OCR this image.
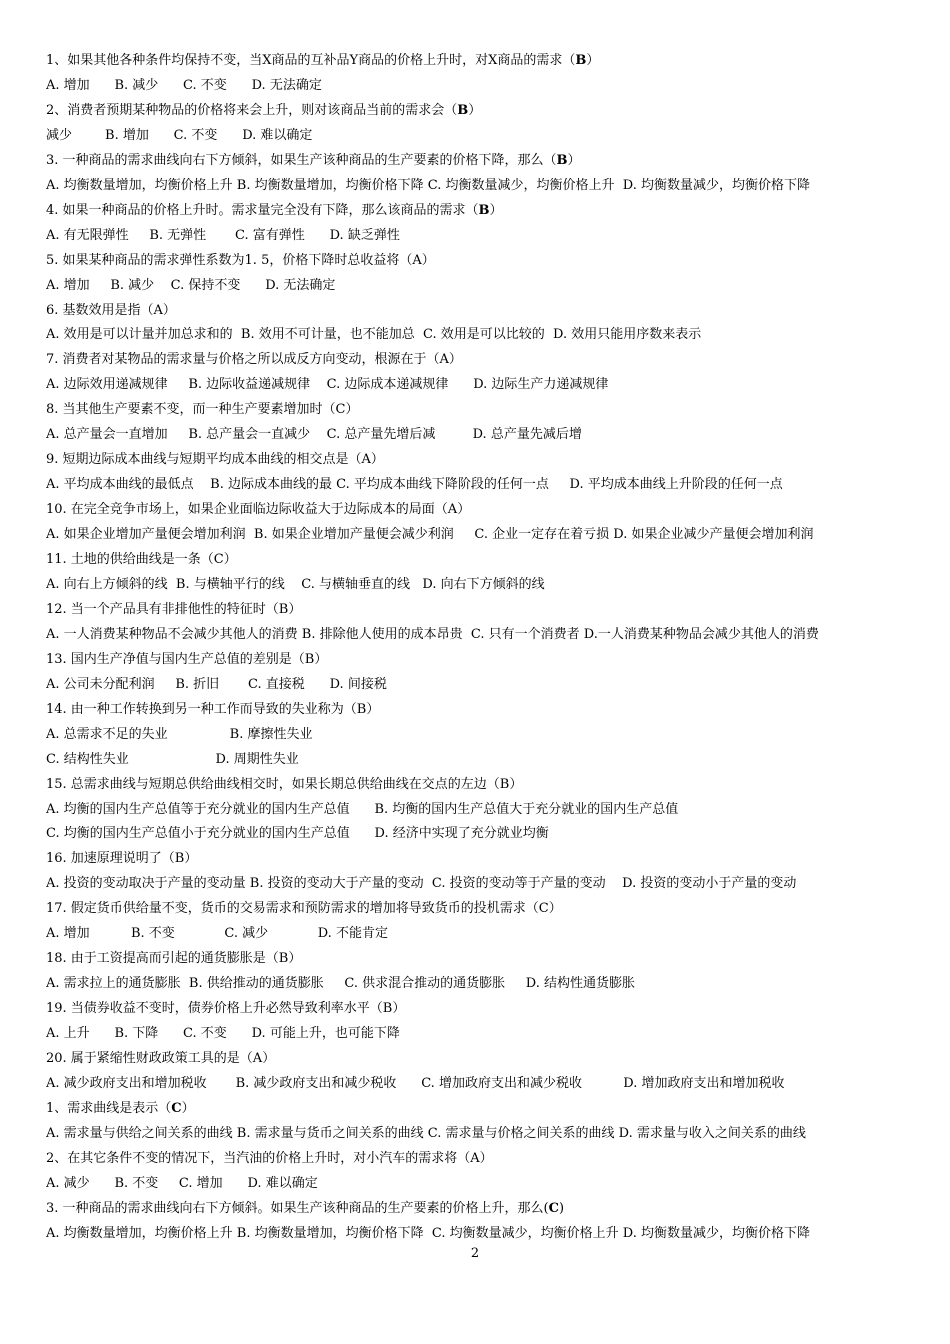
1、如果其他各种条件均保持不变，当X商品的互补品Y商品的价格上升时，对X商品的需求（B）
A. 增加      B. 减少      C. 不变      D. 无法确定
2、消费者预期某种物品的价格将来会上升，则对该商品当前的需求会（B）
减少        B. 增加      C. 不变      D. 难以确定
3. 一种商品的需求曲线向右下方倾斜，如果生产该种商品的生产要素的价格下降，那么（B）
A. 均衡数量增加，均衡价格上升 B. 均衡数量增加，均衡价格下降 C. 均衡数量减少，均衡价格上升  D. 均衡数量减少，均衡价格下降
4. 如果一种商品的价格上升时。需求量完全没有下降，那么该商品的需求（B）
A. 有无限弹性     B. 无弹性       C. 富有弹性      D. 缺乏弹性
5. 如果某种商品的需求弹性系数为1. 5，价格下降时总收益将（A）
A. 增加     B. 减少    C. 保持不变      D. 无法确定
6. 基数效用是指（A）
A. 效用是可以计量并加总求和的  B. 效用不可计量，也不能加总  C. 效用是可以比较的  D. 效用只能用序数来表示
7. 消费者对某物品的需求量与价格之所以成反方向变动，根源在于（A）
A. 边际效用递减规律     B. 边际收益递减规律    C. 边际成本递减规律      D. 边际生产力递减规律
8. 当其他生产要素不变，而一种生产要素增加时（C）
A. 总产量会一直增加     B. 总产量会一直减少    C. 总产量先增后减         D. 总产量先减后增
9. 短期边际成本曲线与短期平均成本曲线的相交点是（A）
A. 平均成本曲线的最低点    B. 边际成本曲线的最 C. 平均成本曲线下降阶段的任何一点     D. 平均成本曲线上升阶段的任何一点
10. 在完全竞争市场上，如果企业面临边际收益大于边际成本的局面（A）
A. 如果企业增加产量便会增加利润  B. 如果企业增加产量便会减少利润     C. 企业一定存在着亏损 D. 如果企业减少产量便会增加利润
11. 土地的供给曲线是一条（C）
A. 向右上方倾斜的线  B. 与横轴平行的线    C. 与横轴垂直的线   D. 向右下方倾斜的线
12. 当一个产品具有非排他性的特征时（B）
A. 一人消费某种物品不会减少其他人的消费 B. 排除他人使用的成本昂贵  C. 只有一个消费者 D.一人消费某种物品会减少其他人的消费
13. 国内生产净值与国内生产总值的差别是（B）
A. 公司未分配利润     B. 折旧       C. 直接税      D. 间接税
14. 由一种工作转换到另一种工作而导致的失业称为（B）
A. 总需求不足的失业               B. 摩擦性失业
C. 结构性失业                     D. 周期性失业
15. 总需求曲线与短期总供给曲线相交时，如果长期总供给曲线在交点的左边（B）
A. 均衡的国内生产总值等于充分就业的国内生产总值      B. 均衡的国内生产总值大于充分就业的国内生产总值
C. 均衡的国内生产总值小于充分就业的国内生产总值      D. 经济中实现了充分就业均衡
16. 加速原理说明了（B）
A. 投资的变动取决于产量的变动量 B. 投资的变动大于产量的变动  C. 投资的变动等于产量的变动    D. 投资的变动小于产量的变动
17. 假定货币供给量不变，货币的交易需求和预防需求的增加将导致货币的投机需求（C）
A. 增加          B. 不变            C. 减少            D. 不能肯定
18. 由于工资提高而引起的通货膨胀是（B）
A. 需求拉上的通货膨胀  B. 供给推动的通货膨胀     C. 供求混合推动的通货膨胀     D. 结构性通货膨胀
19. 当债券收益不变时，债券价格上升必然导致利率水平（B）
A. 上升      B. 下降      C. 不变      D. 可能上升，也可能下降
20. 属于紧缩性财政政策工具的是（A）
A. 减少政府支出和增加税收       B. 减少政府支出和减少税收      C. 增加政府支出和减少税收          D. 增加政府支出和增加税收
1、需求曲线是表示（C）
A. 需求量与供给之间关系的曲线 B. 需求量与货币之间关系的曲线 C. 需求量与价格之间关系的曲线 D. 需求量与收入之间关系的曲线
2、在其它条件不变的情况下，当汽油的价格上升时，对小汽车的需求将（A）
A. 减少      B. 不变     C. 增加      D. 难以确定
3. 一种商品的需求曲线向右下方倾斜。如果生产该种商品的生产要素的价格上升，那么(C)
A. 均衡数量增加，均衡价格上升 B. 均衡数量增加，均衡价格下降  C. 均衡数量减少，均衡价格上升 D. 均衡数量减少，均衡价格下降
2
